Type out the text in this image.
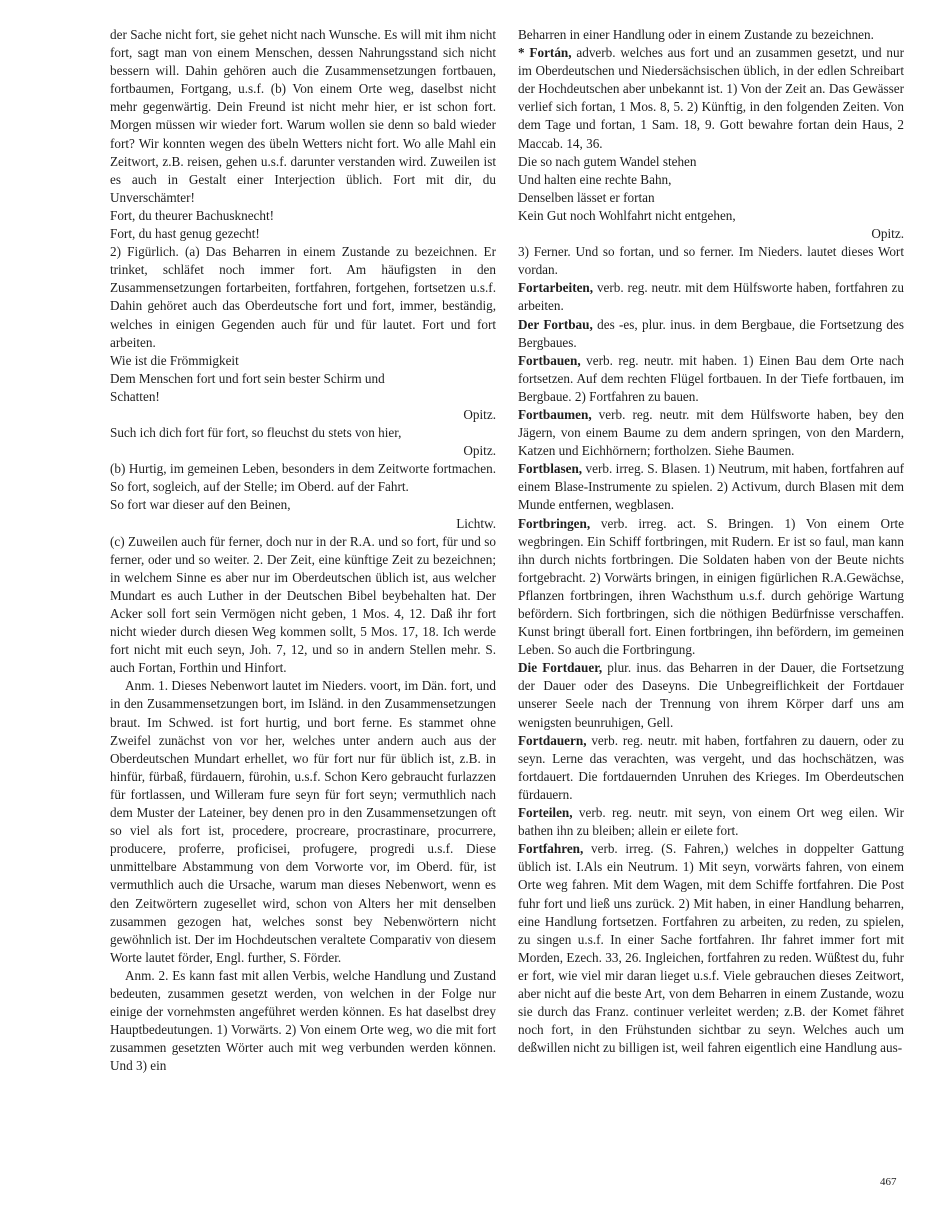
der Sache nicht fort, sie gehet nicht nach Wunsche. Es will mit ihm nicht fort, sagt man von einem Menschen, dessen Nahrungsstand sich nicht bessern will. Dahin gehören auch die Zusammensetzungen fortbauen, fortbaumen, Fortgang, u.s.f. (b) Von einem Orte weg, daselbst nicht mehr gegenwärtig. Dein Freund ist nicht mehr hier, er ist schon fort. Morgen müssen wir wieder fort. Warum wollen sie denn so bald wieder fort? Wir konnten wegen des übeln Wetters nicht fort. Wo alle Mahl ein Zeitwort, z.B. reisen, gehen u.s.f. darunter verstanden wird. Zuweilen ist es auch in Gestalt einer Interjection üblich. Fort mit dir, du Unverschämter!

Fort, du theurer Bachusknecht!

Fort, du hast genug gezecht!

2) Figürlich. (a) Das Beharren in einem Zustande zu bezeichnen. Er trinket, schläfet noch immer fort. Am häufigsten in den Zusammensetzungen fortarbeiten, fortfahren, fortgehen, fortsetzen u.s.f. Dahin gehöret auch das Oberdeutsche fort und fort, immer, beständig, welches in einigen Gegenden auch für und für lautet. Fort und fort arbeiten.

Wie ist die Frömmigkeit

Dem Menschen fort und fort sein bester Schirm und

Schatten!

Opitz.

Such ich dich fort für fort, so fleuchst du stets von hier,

Opitz.

(b) Hurtig, im gemeinen Leben, besonders in dem Zeitworte fortmachen. So fort, sogleich, auf der Stelle; im Oberd. auf der Fahrt.

So fort war dieser auf den Beinen,

Lichtw.

(c) Zuweilen auch für ferner, doch nur in der R.A. und so fort, für und so ferner, oder und so weiter. 2. Der Zeit, eine künftige Zeit zu bezeichnen; in welchem Sinne es aber nur im Oberdeutschen üblich ist, aus welcher Mundart es auch Luther in der Deutschen Bibel beybehalten hat. Der Acker soll fort sein Vermögen nicht geben, 1 Mos. 4, 12. Daß ihr fort nicht wieder durch diesen Weg kommen sollt, 5 Mos. 17, 18. Ich werde fort nicht mit euch seyn, Joh. 7, 12, und so in andern Stellen mehr. S. auch Fortan, Forthin und Hinfort.

Anm. 1. Dieses Nebenwort lautet im Nieders. voort, im Dän. fort, und in den Zusammensetzungen bort, im Isländ. in den Zusammensetzungen braut. Im Schwed. ist fort hurtig, und bort ferne. Es stammet ohne Zweifel zunächst von vor her, welches unter andern auch aus der Oberdeutschen Mundart erhellet, wo für fort nur für üblich ist, z.B. in hinfür, fürbaß, fürdauern, fürohin, u.s.f. Schon Kero gebraucht furlazzen für fortlassen, und Willeram fure seyn für fort seyn; vermuthlich nach dem Muster der Lateiner, bey denen pro in den Zusammensetzungen oft so viel als fort ist, procedere, procreare, procrastinare, procurrere, producere, proferre, proficisei, profugere, progredi u.s.f. Diese unmittelbare Abstammung von dem Vorworte vor, im Oberd. für, ist vermuthlich auch die Ursache, warum man dieses Nebenwort, wenn es den Zeitwörtern zugesellet wird, schon von Alters her mit denselben zusammen gezogen hat, welches sonst bey Nebenwörtern nicht gewöhnlich ist. Der im Hochdeutschen veraltete Comparativ von diesem Worte lautet förder, Engl. further, S. Förder.

Anm. 2. Es kann fast mit allen Verbis, welche Handlung und Zustand bedeuten, zusammen gesetzt werden, von welchen in der Folge nur einige der vornehmsten angeführet werden können. Es hat daselbst drey Hauptbedeutungen. 1) Vorwärts. 2) Von einem Orte weg, wo die mit fort zusammen gesetzten Wörter auch mit weg verbunden werden können. Und 3) ein

Beharren in einer Handlung oder in einem Zustande zu bezeichnen.

* Fortán, adverb. welches aus fort und an zusammen gesetzt, und nur im Oberdeutschen und Niedersächsischen üblich, in der edlen Schreibart der Hochdeutschen aber unbekannt ist. 1) Von der Zeit an. Das Gewässer verlief sich fortan, 1 Mos. 8, 5. 2) Künftig, in den folgenden Zeiten. Von dem Tage und fortan, 1 Sam. 18, 9. Gott bewahre fortan dein Haus, 2 Maccab. 14, 36.

Die so nach gutem Wandel stehen

Und halten eine rechte Bahn,

Denselben lässet er fortan

Kein Gut noch Wohlfahrt nicht entgehen,

Opitz.

3) Ferner. Und so fortan, und so ferner. Im Nieders. lautet dieses Wort vordan.

Fortarbeiten, verb. reg. neutr. mit dem Hülfsworte haben, fortfahren zu arbeiten.

Der Fortbau, des -es, plur. inus. in dem Bergbaue, die Fortsetzung des Bergbaues.

Fortbauen, verb. reg. neutr. mit haben. 1) Einen Bau dem Orte nach fortsetzen. Auf dem rechten Flügel fortbauen. In der Tiefe fortbauen, im Bergbaue. 2) Fortfahren zu bauen.

Fortbaumen, verb. reg. neutr. mit dem Hülfsworte haben, bey den Jägern, von einem Baume zu dem andern springen, von den Mardern, Katzen und Eichhörnern; fortholzen. Siehe Baumen.

Fortblasen, verb. irreg. S. Blasen. 1) Neutrum, mit haben, fortfahren auf einem Blase-Instrumente zu spielen. 2) Activum, durch Blasen mit dem Munde entfernen, wegblasen.

Fortbringen, verb. irreg. act. S. Bringen. 1) Von einem Orte wegbringen. Ein Schiff fortbringen, mit Rudern. Er ist so faul, man kann ihn durch nichts fortbringen. Die Soldaten haben von der Beute nichts fortgebracht. 2) Vorwärts bringen, in einigen figürlichen R.A.Gewächse, Pflanzen fortbringen, ihren Wachsthum u.s.f. durch gehörige Wartung befördern. Sich fortbringen, sich die nöthigen Bedürfnisse verschaffen. Kunst bringt überall fort. Einen fortbringen, ihn befördern, im gemeinen Leben. So auch die Fortbringung.

Die Fortdauer, plur. inus. das Beharren in der Dauer, die Fortsetzung der Dauer oder des Daseyns. Die Unbegreiflichkeit der Fortdauer unserer Seele nach der Trennung von ihrem Körper darf uns am wenigsten beunruhigen, Gell.

Fortdauern, verb. reg. neutr. mit haben, fortfahren zu dauern, oder zu seyn. Lerne das verachten, was vergeht, und das hochschätzen, was fortdauert. Die fortdauernden Unruhen des Krieges. Im Oberdeutschen fürdauern.

Forteilen, verb. reg. neutr. mit seyn, von einem Ort weg eilen. Wir bathen ihn zu bleiben; allein er eilete fort.

Fortfahren, verb. irreg. (S. Fahren,) welches in doppelter Gattung üblich ist. I.Als ein Neutrum. 1) Mit seyn, vorwärts fahren, von einem Orte weg fahren. Mit dem Wagen, mit dem Schiffe fortfahren. Die Post fuhr fort und ließ uns zurück. 2) Mit haben, in einer Handlung beharren, eine Handlung fortsetzen. Fortfahren zu arbeiten, zu reden, zu spielen, zu singen u.s.f. In einer Sache fortfahren. Ihr fahret immer fort mit Morden, Ezech. 33, 26. Ingleichen, fortfahren zu reden. Wüßtest du, fuhr er fort, wie viel mir daran lieget u.s.f. Viele gebrauchen dieses Zeitwort, aber nicht auf die beste Art, von dem Beharren in einem Zustande, wozu sie durch das Franz. continuer verleitet werden; z.B. der Komet fähret noch fort, in den Frühstunden sichtbar zu seyn. Welches auch um deßwillen nicht zu billigen ist, weil fahren eigentlich eine Handlung aus-

467
